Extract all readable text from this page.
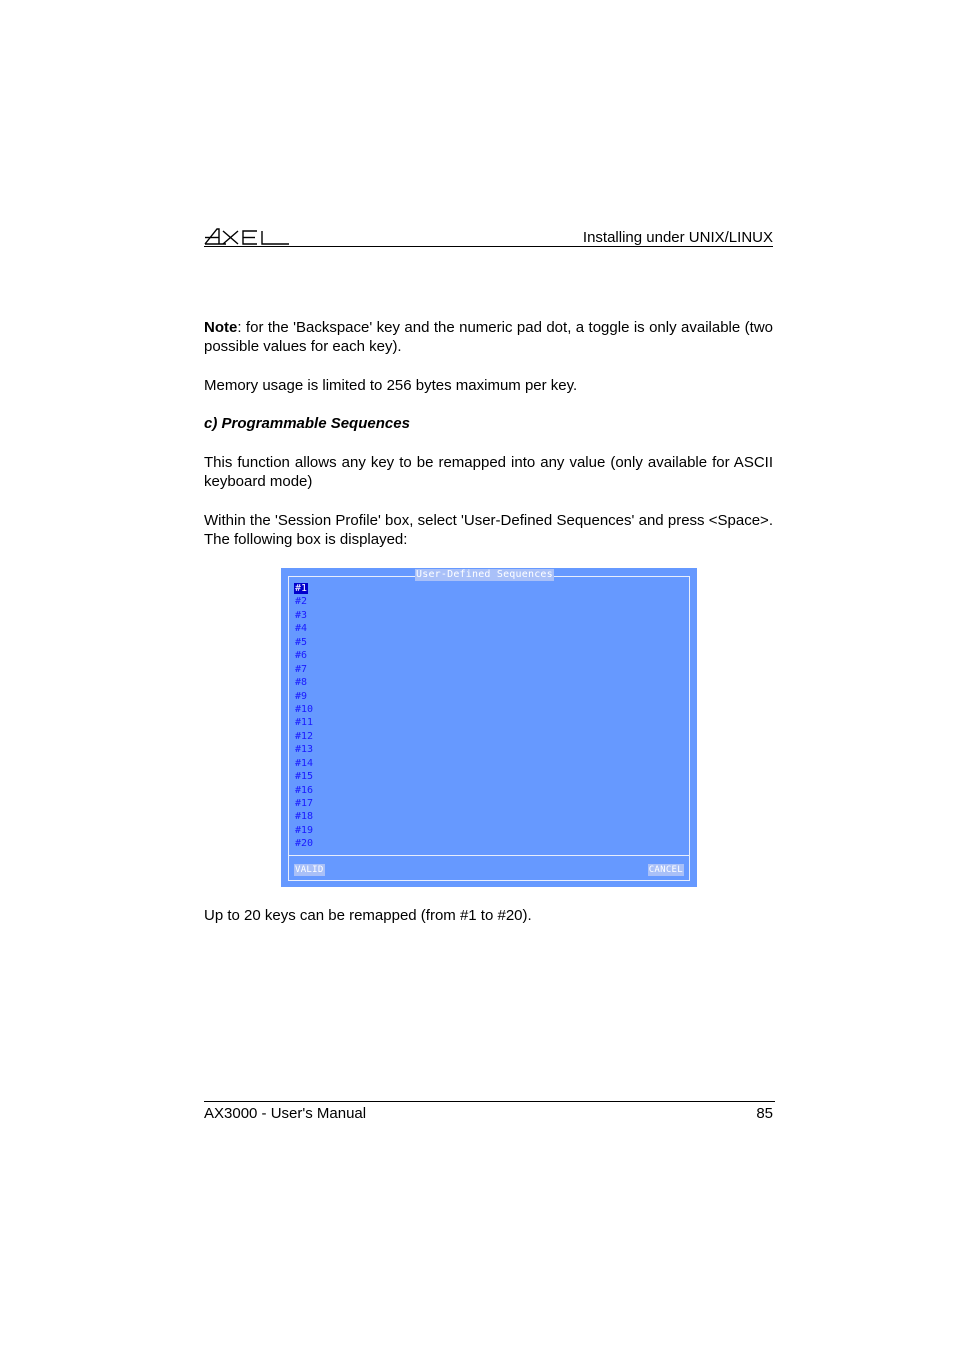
Installing under UNIX/LINUX

Note: for the 'Backspace' key and the numeric pad dot, a toggle is only available (two possible values for each key).

Memory usage is limited to 256 bytes maximum per key.

c) Programmable Sequences

This function allows any key to be remapped into any value (only available for ASCII keyboard mode)

Within the 'Session Profile' box, select 'User-Defined Sequences' and press <Space>. The following box is displayed:

User-Defined Sequences
#1
#2
#3
#4
#5
#6
#7
#8
#9
#10
#11
#12
#13
#14
#15
#16
#17
#18
#19
#20
VALID	CANCEL

Up to 20 keys can be remapped (from #1 to #20).

AX3000 - User's Manual	85
